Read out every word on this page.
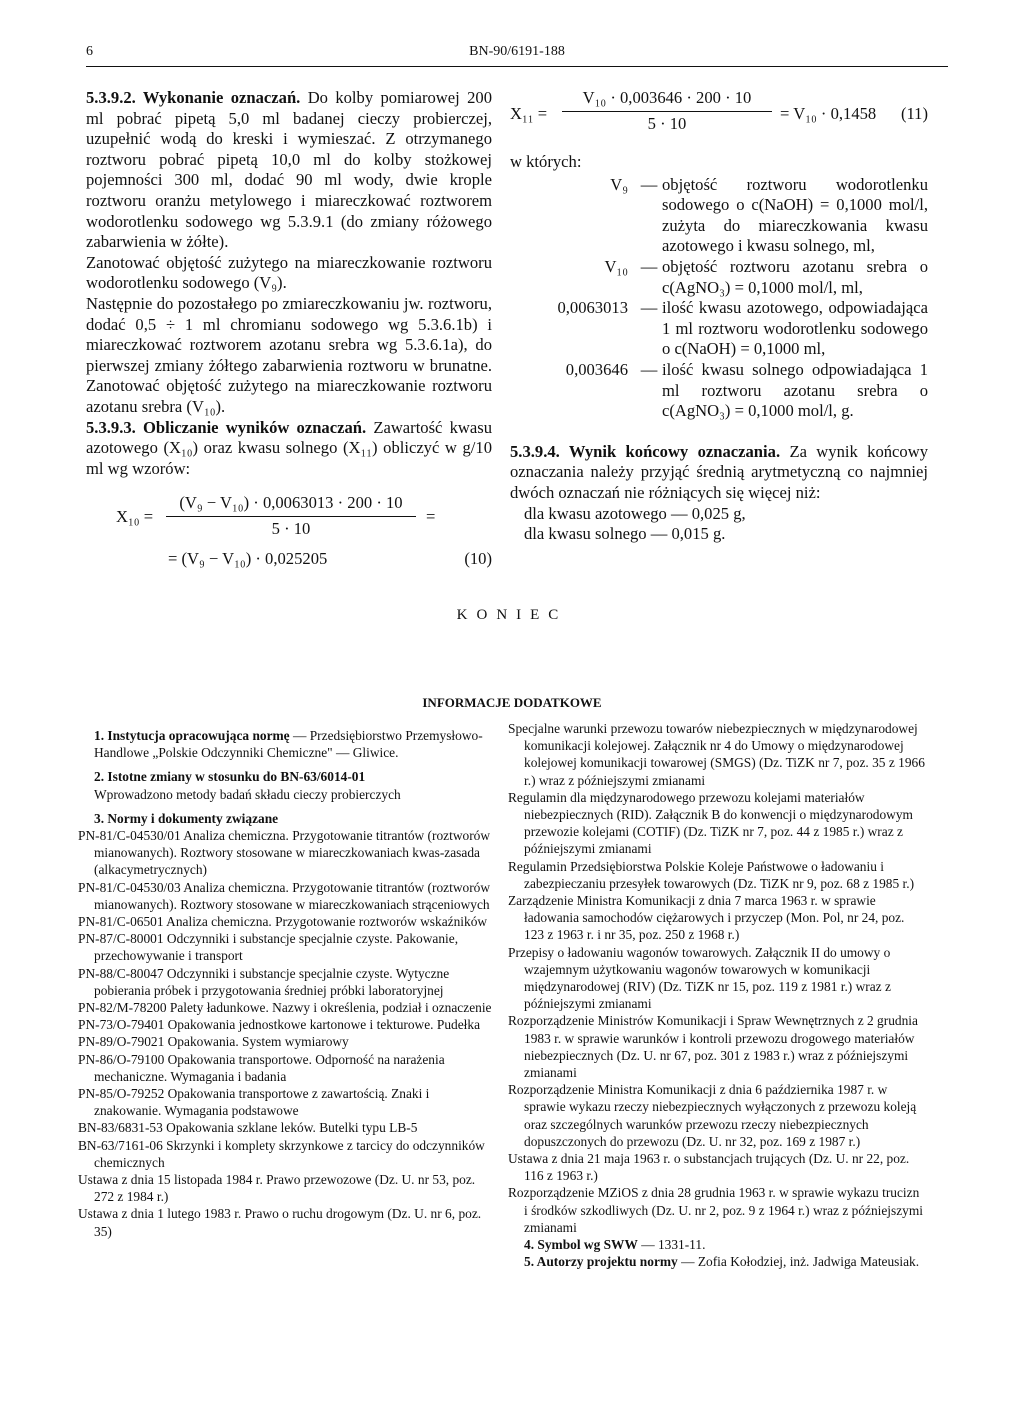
6	BN-90/6191-188

5.3.9.2. Wykonanie oznaczań. Do kolby pomiarowej 200 ml pobrać pipetą 5,0 ml badanej cieczy probierczej, uzupełnić wodą do kreski i wymieszać. Z otrzymanego roztworu pobrać pipetą 10,0 ml do kolby stożkowej pojemności 300 ml, dodać 90 ml wody, dwie krople roztworu oranżu metylowego i miareczkować roztworem wodorotlenku sodowego wg 5.3.9.1 (do zmiany różowego zabarwienia w żółte).

Zanotować objętość zużytego na miareczkowanie roztworu wodorotlenku sodowego (V₉).

Następnie do pozostałego po zmiareczkowaniu jw. roztworu, dodać 0,5 ÷ 1 ml chromianu sodowego wg 5.3.6.1b) i miareczkować roztworem azotanu srebra wg 5.3.6.1a), do pierwszej zmiany żółtego zabarwienia roztworu w brunatne. Zanotować objętość zużytego na miareczkowanie roztworu azotanu srebra (V₁₀).

5.3.9.3. Obliczanie wyników oznaczań. Zawartość kwasu azotowego (X₁₀) oraz kwasu solnego (X₁₁) obliczyć w g/10 ml wg wzorów:

$X_{10} = \frac{\text{(V₉ − V₁₀) · 0,0063013 · 200 · 10}}{5 \cdot 10}$ =
= (V₉ − V₁₀) · 0,025205	(10)
$X_{11} = \frac{\text{V₁₀ · 0,003646 · 200 · 10}}{5 \cdot 10} = V_{10} \cdot 0,1458$ (11)

w których:

V₉ — objętość roztworu wodorotlenku sodowego o c(NaOH) = 0,1000 mol/l, zużyta do miareczkowania kwasu azotowego i kwasu solnego, ml,
V₁₀ — objętość roztworu azotanu srebra o c(AgNO₃) = 0,1000 mol/l, ml,
0,0063013 — ilość kwasu azotowego, odpowiadająca 1 ml roztworu wodorotlenku sodowego o c(NaOH) = 0,1000 ml,
0,003646 — ilość kwasu solnego odpowiadająca 1 ml roztworu azotanu srebra o c(AgNO₃) = 0,1000 mol/l, g.

5.3.9.4. Wynik końcowy oznaczania. Za wynik końcowy oznaczania należy przyjąć średnią arytmetyczną co najmniej dwóch oznaczań nie różniących się więcej niż:

dla kwasu azotowego — 0,025 g,

dla kwasu solnego — 0,015 g.

KONIEC
INFORMACJE DODATKOWE
1. Instytucja opracowująca normę — Przedsiębiorstwo Przemysłowo-Handlowe „Polskie Odczynniki Chemiczne" — Gliwice.
2. Istotne zmiany w stosunku do BN-63/6014-01
Wprowadzono metody badań składu cieczy probierczych
3. Normy i dokumenty związane
PN-81/C-04530/01 Analiza chemiczna. Przygotowanie titrantów (roztworów mianowanych). Roztwory stosowane w miareczkowaniach kwas-zasada (alkacymetrycznych)
PN-81/C-04530/03 Analiza chemiczna. Przygotowanie titrantów (roztworów mianowanych). Roztwory stosowane w miareczkowaniach strąceniowych
PN-81/C-06501 Analiza chemiczna. Przygotowanie roztworów wskaźników
PN-87/C-80001 Odczynniki i substancje specjalnie czyste. Pakowanie, przechowywanie i transport
PN-88/C-80047 Odczynniki i substancje specjalnie czyste. Wytyczne pobierania próbek i przygotowania średniej próbki laboratoryjnej
PN-82/M-78200 Palety ładunkowe. Nazwy i określenia, podział i oznaczenie
PN-73/O-79401 Opakowania jednostkowe kartonowe i tekturowe. Pudełka
PN-89/O-79021 Opakowania. System wymiarowy
PN-86/O-79100 Opakowania transportowe. Odporność na narażenia mechaniczne. Wymagania i badania
PN-85/O-79252 Opakowania transportowe z zawartością. Znaki i znakowanie. Wymagania podstawowe
BN-83/6831-53 Opakowania szklane leków. Butelki typu LB-5
BN-63/7161-06 Skrzynki i komplety skrzynkowe z tarcicy do odczynników chemicznych
Ustawa z dnia 15 listopada 1984 r. Prawo przewozowe (Dz. U. nr 53, poz. 272 z 1984 r.)
Ustawa z dnia 1 lutego 1983 r. Prawo o ruchu drogowym (Dz. U. nr 6, poz. 35)
Specjalne warunki przewozu towarów niebezpiecznych w międzynarodowej komunikacji kolejowej. Załącznik nr 4 do Umowy o międzynarodowej kolejowej komunikacji towarowej (SMGS) (Dz. TiZK nr 7, poz. 35 z 1966 r.) wraz z późniejszymi zmianami
Regulamin dla międzynarodowego przewozu kolejami materiałów niebezpiecznych (RID). Załącznik B do konwencji o międzynarodowym przewozie kolejami (COTIF) (Dz. TiZK nr 7, poz. 44 z 1985 r.) wraz z późniejszymi zmianami
Regulamin Przedsiębiorstwa Polskie Koleje Państwowe o ładowaniu i zabezpieczaniu przesyłek towarowych (Dz. TiZK nr 9, poz. 68 z 1985 r.)
Zarządzenie Ministra Komunikacji z dnia 7 marca 1963 r. w sprawie ładowania samochodów ciężarowych i przyczep (Mon. Pol, nr 24, poz. 123 z 1963 r. i nr 35, poz. 250 z 1968 r.)
Przepisy o ładowaniu wagonów towarowych. Załącznik II do umowy o wzajemnym użytkowaniu wagonów towarowych w komunikacji międzynarodowej (RIV) (Dz. TiZK nr 15, poz. 119 z 1981 r.) wraz z późniejszymi zmianami
Rozporządzenie Ministrów Komunikacji i Spraw Wewnętrznych z 2 grudnia 1983 r. w sprawie warunków i kontroli przewozu drogowego materiałów niebezpiecznych (Dz. U. nr 67, poz. 301 z 1983 r.) wraz z późniejszymi zmianami
Rozporządzenie Ministra Komunikacji z dnia 6 października 1987 r. w sprawie wykazu rzeczy niebezpiecznych wyłączonych z przewozu koleją oraz szczególnych warunków przewozu rzeczy niebezpiecznych dopuszczonych do przewozu (Dz. U. nr 32, poz. 169 z 1987 r.)
Ustawa z dnia 21 maja 1963 r. o substancjach trujących (Dz. U. nr 22, poz. 116 z 1963 r.)
Rozporządzenie MZiOS z dnia 28 grudnia 1963 r. w sprawie wykazu trucizn i środków szkodliwych (Dz. U. nr 2, poz. 9 z 1964 r.) wraz z późniejszymi zmianami
4. Symbol wg SWW — 1331-11.
5. Autorzy projektu normy — Zofia Kołodziej, inż. Jadwiga Mateusiak.
